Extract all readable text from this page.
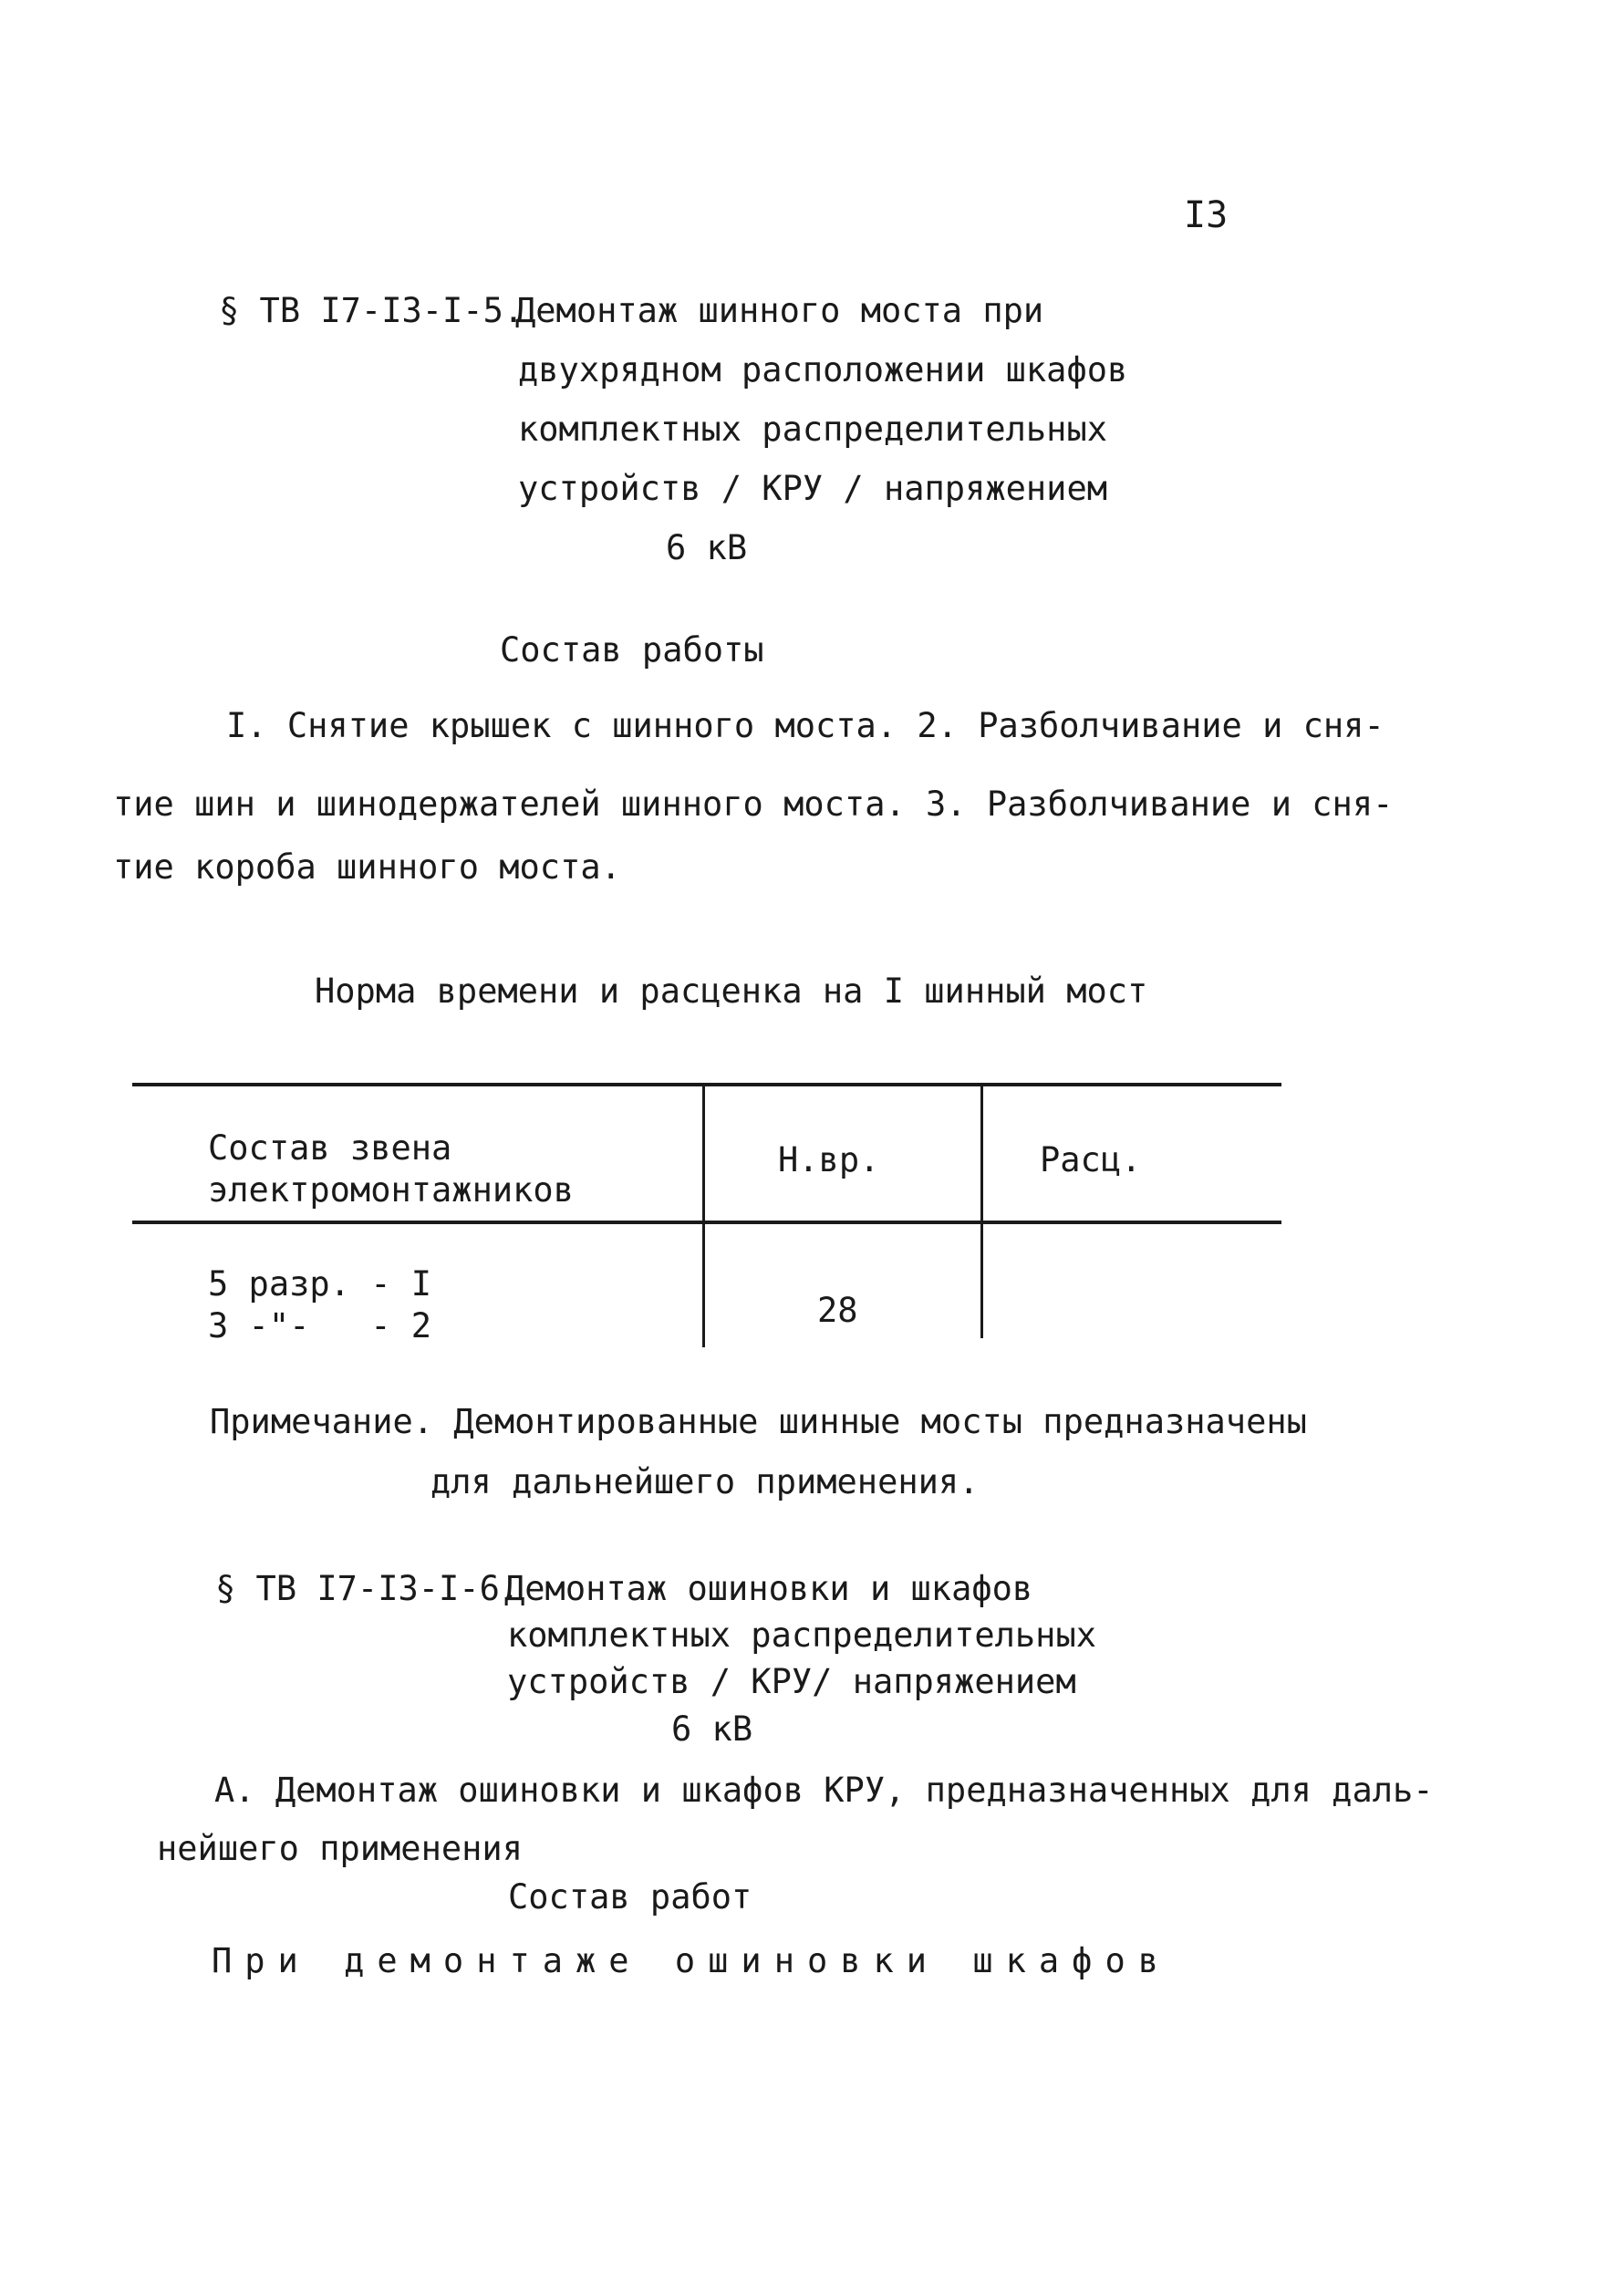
I3
§ ТВ I7-I3-I-5.
Демонтаж шинного моста при
двухрядном расположении шкафов
комплектных распределительных
устройств / КРУ / напряжением
6 кВ
Состав работы
I. Снятие крышек с шинного моста. 2. Разболчивание и сня-
тие шин и шинодержателей шинного моста. 3. Разболчивание и сня-
тие короба шинного моста.
Норма времени и расценка на I шинный мост
Состав звена
электромонтажников
Н.вр.	Расц.
5 разр. - I
3 -"-   - 2	28
Примечание. Демонтированные шинные мосты предназначены
для дальнейшего применения.
§ ТВ I7-I3-I-6.
Демонтаж ошиновки и шкафов
комплектных распределительных
устройств / КРУ/ напряжением
6 кВ
А. Демонтаж ошиновки и шкафов КРУ, предназначенных для даль-
нейшего применения
Состав работ
При демонтаже ошиновки шкафов
